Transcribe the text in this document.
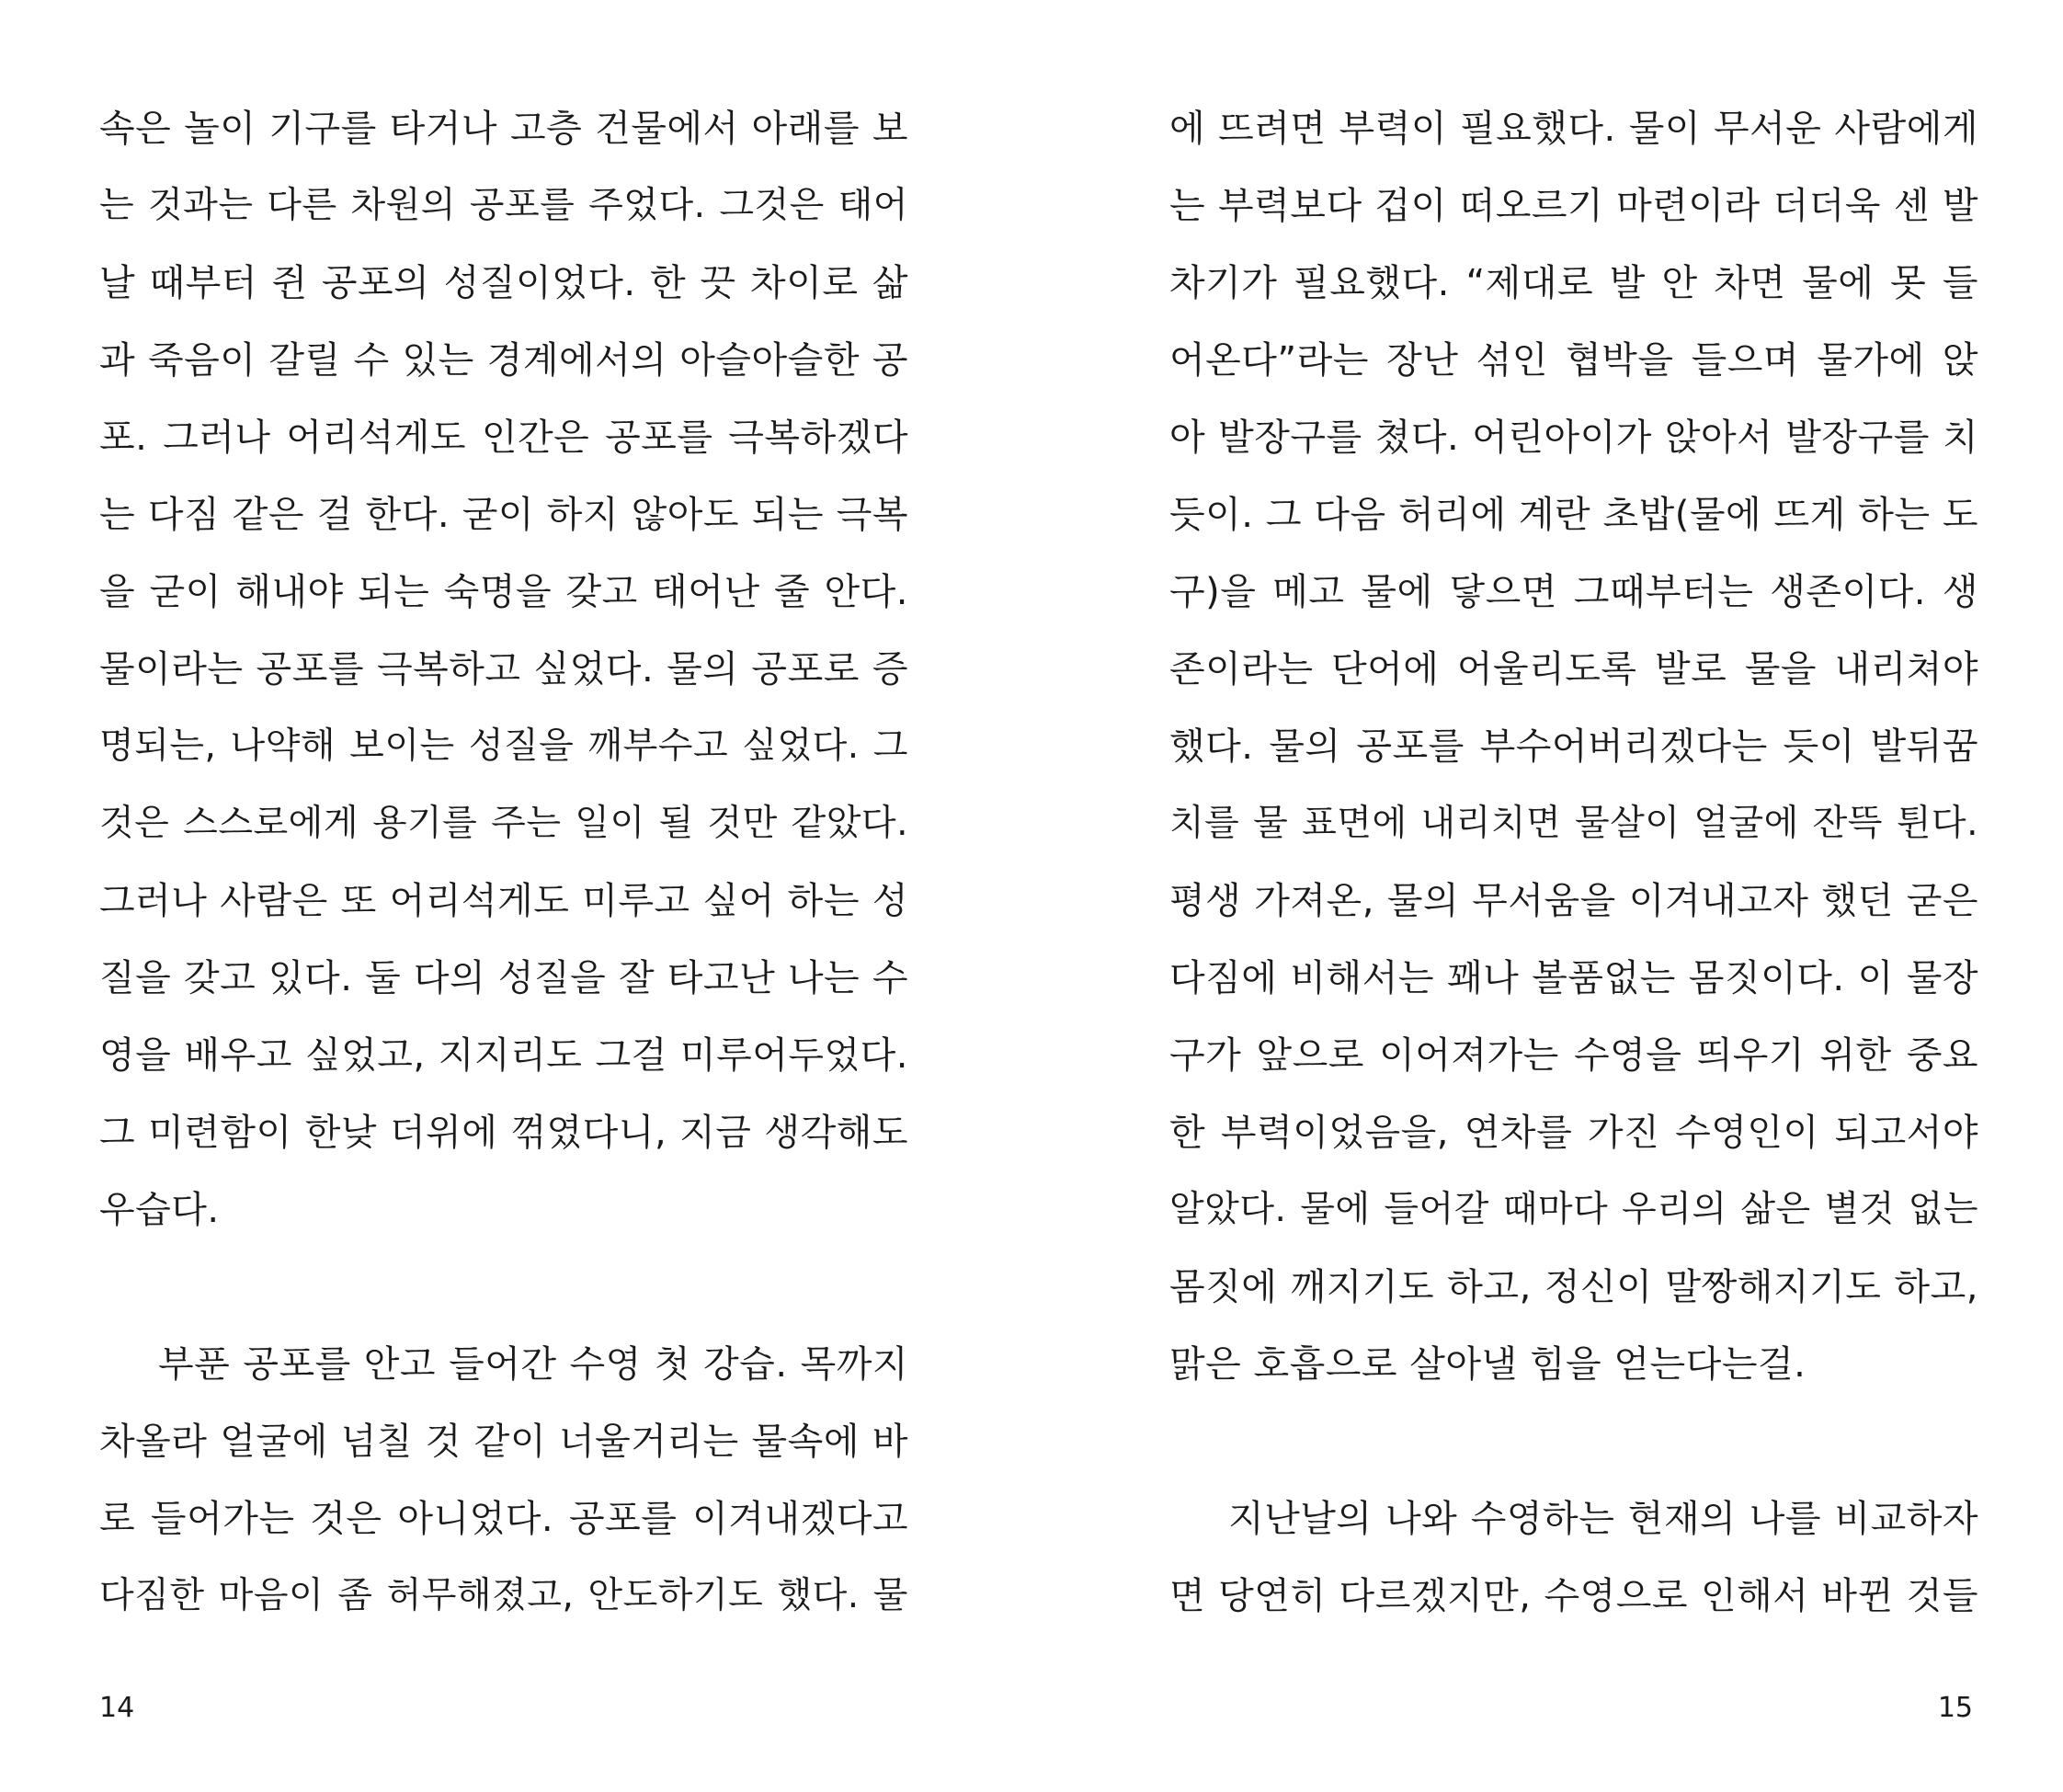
속은 놀이 기구를 타거나 고층 건물에서 아래를 보
는 것과는 다른 차원의 공포를 주었다. 그것은 태어
날 때부터 쥔 공포의 성질이었다. 한 끗 차이로 삶
과 죽음이 갈릴 수 있는 경계에서의 아슬아슬한 공
포. 그러나 어리석게도 인간은 공포를 극복하겠다
는 다짐 같은 걸 한다. 굳이 하지 않아도 되는 극복
을 굳이 해내야 되는 숙명을 갖고 태어난 줄 안다.
물이라는 공포를 극복하고 싶었다. 물의 공포로 증
명되는, 나약해 보이는 성질을 깨부수고 싶었다. 그
것은 스스로에게 용기를 주는 일이 될 것만 같았다.
그러나 사람은 또 어리석게도 미루고 싶어 하는 성
질을 갖고 있다. 둘 다의 성질을 잘 타고난 나는 수
영을 배우고 싶었고, 지지리도 그걸 미루어두었다.
그 미련함이 한낮 더위에 꺾였다니, 지금 생각해도
우습다.
부푼 공포를 안고 들어간 수영 첫 강습. 목까지
차올라 얼굴에 넘칠 것 같이 너울거리는 물속에 바
로 들어가는 것은 아니었다. 공포를 이겨내겠다고
다짐한 마음이 좀 허무해졌고, 안도하기도 했다. 물
14
에 뜨려면 부력이 필요했다. 물이 무서운 사람에게
는 부력보다 겁이 떠오르기 마련이라 더더욱 센 발
차기가 필요했다. “제대로 발 안 차면 물에 못 들
어온다”라는 장난 섞인 협박을 들으며 물가에 앉
아 발장구를 쳤다. 어린아이가 앉아서 발장구를 치
듯이. 그 다음 허리에 계란 초밥(물에 뜨게 하는 도
구)을 메고 물에 닿으면 그때부터는 생존이다. 생
존이라는 단어에 어울리도록 발로 물을 내리쳐야
했다. 물의 공포를 부수어버리겠다는 듯이 발뒤꿈
치를 물 표면에 내리치면 물살이 얼굴에 잔뜩 튄다.
평생 가져온, 물의 무서움을 이겨내고자 했던 굳은
다짐에 비해서는 꽤나 볼품없는 몸짓이다. 이 물장
구가 앞으로 이어져가는 수영을 띄우기 위한 중요
한 부력이었음을, 연차를 가진 수영인이 되고서야
알았다. 물에 들어갈 때마다 우리의 삶은 별것 없는
몸짓에 깨지기도 하고, 정신이 말짱해지기도 하고,
맑은 호흡으로 살아낼 힘을 얻는다는걸.
지난날의 나와 수영하는 현재의 나를 비교하자
면 당연히 다르겠지만, 수영으로 인해서 바뀐 것들
15
